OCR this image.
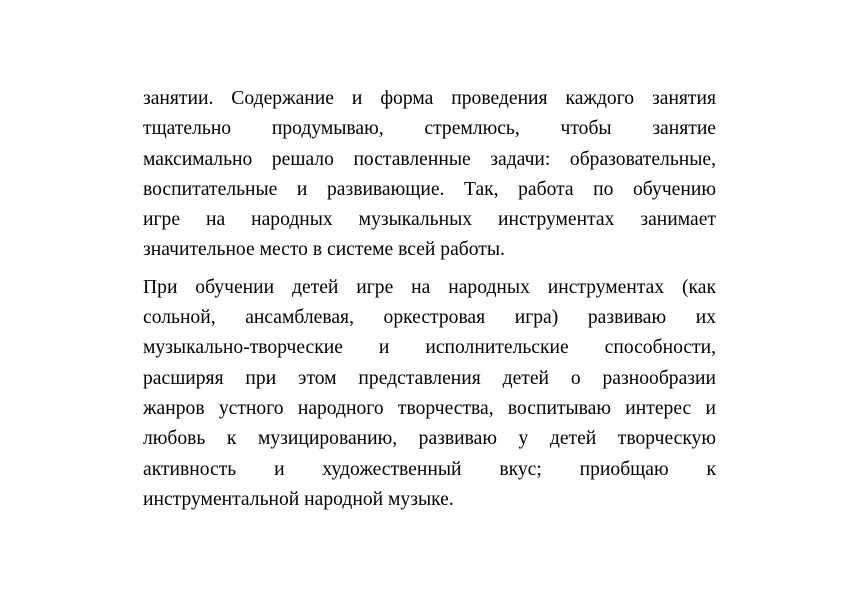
занятии. Содержание и форма проведения каждого занятия
тщательно продумываю, стремлюсь, чтобы занятие
максимально решало поставленные задачи: образовательные,
воспитательные и развивающие. Так, работа по обучению
игре на народных музыкальных инструментах занимает
значительное место в системе всей работы.
При обучении детей игре на народных инструментах (как
сольной, ансамблевая, оркестровая игра) развиваю их
музыкально-творческие и исполнительские способности,
расширяя при этом представления детей о разнообразии
жанров устного народного творчества, воспитываю интерес и
любовь к музицированию, развиваю у детей творческую
активность и художественный вкус; приобщаю к
инструментальной народной музыке.
